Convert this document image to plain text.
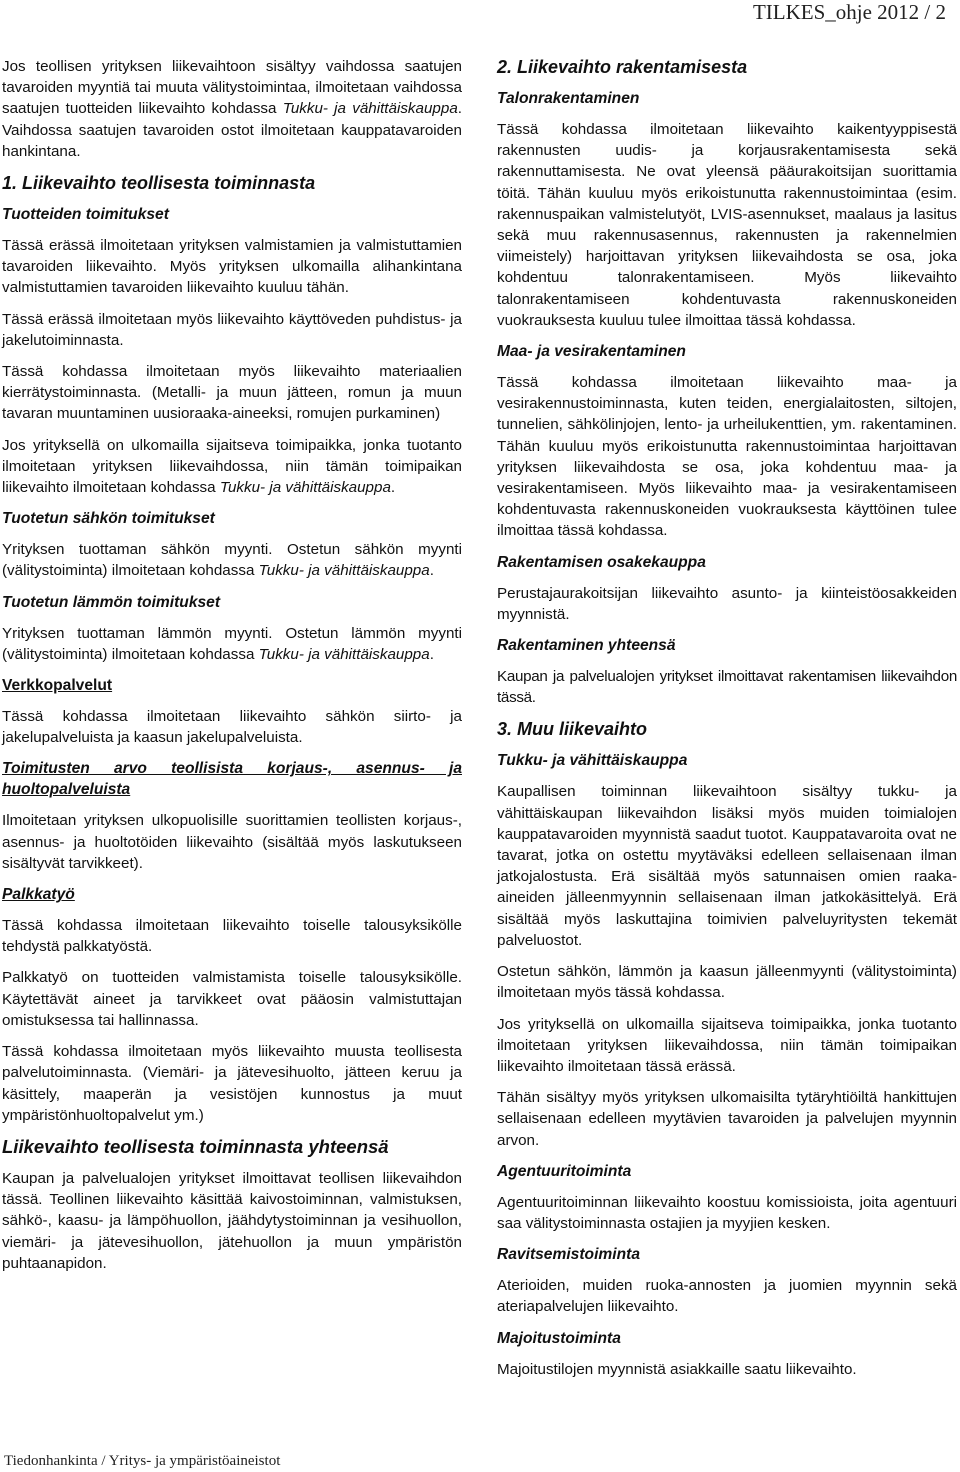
TILKES_ohje 2012 / 2

Jos teollisen yrityksen liikevaihtoon sisältyy vaihdossa saatujen tavaroiden myyntiä tai muuta välitystoimintaa, ilmoitetaan vaihdossa saatujen tuotteiden liikevaihto kohdassa Tukku- ja vähittäiskauppa. Vaihdossa saatujen tavaroiden ostot ilmoitetaan kauppatavaroiden hankintana.

1. Liikevaihto teollisesta toiminnasta
Tuotteiden toimitukset

Tässä erässä ilmoitetaan yrityksen valmistamien ja valmistuttamien tavaroiden liikevaihto. Myös yrityksen ulkomailla alihankintana valmistuttamien tavaroiden liikevaihto kuuluu tähän.

Tässä erässä ilmoitetaan myös liikevaihto käyttöveden puhdistus- ja jakelutoiminnasta.

Tässä kohdassa ilmoitetaan myös liikevaihto materiaalien kierrätystoiminnasta. (Metalli- ja muun jätteen, romun ja muun tavaran muuntaminen uusioraaka-aineeksi, romujen purkaminen)

Jos yrityksellä on ulkomailla sijaitseva toimipaikka, jonka tuotanto ilmoitetaan yrityksen liikevaihdossa, niin tämän toimipaikan liikevaihto ilmoitetaan kohdassa Tukku- ja vähittäiskauppa.

Tuotetun sähkön toimitukset

Yrityksen tuottaman sähkön myynti. Ostetun sähkön myynti (välitystoiminta) ilmoitetaan kohdassa Tukku- ja vähittäiskauppa.

Tuotetun lämmön toimitukset

Yrityksen tuottaman lämmön myynti. Ostetun lämmön myynti (välitystoiminta) ilmoitetaan kohdassa Tukku- ja vähittäiskauppa.

Verkkopalvelut

Tässä kohdassa ilmoitetaan liikevaihto sähkön siirto- ja jakelupalveluista ja kaasun jakelupalveluista.

Toimitusten arvo teollisista korjaus-, asennus- ja huoltopalveluista

Ilmoitetaan yrityksen ulkopuolisille suorittamien teollisten korjaus-, asennus- ja huoltotöiden liikevaihto (sisältää myös laskutukseen sisältyvät tarvikkeet).

Palkkatyö

Tässä kohdassa ilmoitetaan liikevaihto toiselle talousyksikölle tehdystä palkkatyöstä.

Palkkatyö on tuotteiden valmistamista toiselle talousyksikölle. Käytettävät aineet ja tarvikkeet ovat pääosin valmistuttajan omistuksessa tai hallinnassa.

Tässä kohdassa ilmoitetaan myös liikevaihto muusta teollisesta palvelutoiminnasta. (Viemäri- ja jätevesihuolto, jätteen keruu ja käsittely, maaperän ja vesistöjen kunnostus ja muut ympäristönhuoltopalvelut ym.)

Liikevaihto teollisesta toiminnasta yhteensä

Kaupan ja palvelualojen yritykset ilmoittavat teollisen liikevaihdon tässä. Teollinen liikevaihto käsittää kaivostoiminnan, valmistuksen, sähkö-, kaasu- ja lämpöhuollon, jäähdytystoiminnan ja vesihuollon, viemäri- ja jätevesihuollon, jätehuollon ja muun ympäristön puhtaanapidon.

2. Liikevaihto rakentamisesta
Talonrakentaminen

Tässä kohdassa ilmoitetaan liikevaihto kaikentyyppisestä rakennusten uudis- ja korjausrakentamisesta sekä rakennuttamisesta. Ne ovat yleensä pääurakoitsijan suorittamia töitä. Tähän kuuluu myös erikoistunutta rakennustoimintaa (esim. rakennuspaikan valmistelutyöt, LVIS-asennukset, maalaus ja lasitus sekä muu rakennusasennus, rakennusten ja rakennelmien viimeistely) harjoittavan yrityksen liikevaihdosta se osa, joka kohdentuu talonrakentamiseen. Myös liikevaihto talonrakentamiseen kohdentuvasta rakennuskoneiden vuokrauksesta kuuluu tulee ilmoittaa tässä kohdassa.

Maa- ja vesirakentaminen

Tässä kohdassa ilmoitetaan liikevaihto maa- ja vesirakennustoiminnasta, kuten teiden, energialaitosten, siltojen, tunnelien, sähkölinjojen, lento- ja urheilukenttien, ym. rakentaminen. Tähän kuuluu myös erikoistunutta rakennustoimintaa harjoittavan yrityksen liikevaihdosta se osa, joka kohdentuu maa- ja vesirakentamiseen. Myös liikevaihto maa- ja vesirakentamiseen kohdentuvasta rakennuskoneiden vuokrauksesta käyttöinen tulee ilmoittaa tässä kohdassa.

Rakentamisen osakekauppa

Perustajaurakoitsijan liikevaihto asunto- ja kiinteistöosakkeiden myynnistä.

Rakentaminen yhteensä

Kaupan ja palvelualojen yritykset ilmoittavat rakentamisen liikevaihdon tässä.

3. Muu liikevaihto
Tukku- ja vähittäiskauppa

Kaupallisen toiminnan liikevaihtoon sisältyy tukku- ja vähittäiskaupan liikevaihdon lisäksi myös muiden toimialojen kauppatavaroiden myynnistä saadut tuotot. Kauppatavaroita ovat ne tavarat, jotka on ostettu myytäväksi edelleen sellaisenaan ilman jatkojalostusta. Erä sisältää myös satunnaisen omien raaka-aineiden jälleenmyynnin sellaisenaan ilman jatkokäsittelyä. Erä sisältää myös laskuttajina toimivien palveluyritysten tekemät palveluostot.

Ostetun sähkön, lämmön ja kaasun jälleenmyynti (välitystoiminta) ilmoitetaan myös tässä kohdassa.

Jos yrityksellä on ulkomailla sijaitseva toimipaikka, jonka tuotanto ilmoitetaan yrityksen liikevaihdossa, niin tämän toimipaikan liikevaihto ilmoitetaan tässä erässä.

Tähän sisältyy myös yrityksen ulkomaisilta tytäryhtiöiltä hankittujen sellaisenaan edelleen myytävien tavaroiden ja palvelujen myynnin arvon.

Agentuuritoiminta

Agentuuritoiminnan liikevaihto koostuu komissioista, joita agentuuri saa välitystoiminnasta ostajien ja myyjien kesken.

Ravitsemistoiminta

Aterioiden, muiden ruoka-annosten ja juomien myynnin sekä ateriapalvelujen liikevaihto.

Majoitustoiminta

Majoitustilojen myynnistä asiakkaille saatu liikevaihto.

Tiedonhankinta / Yritys- ja ympäristöaineistot
